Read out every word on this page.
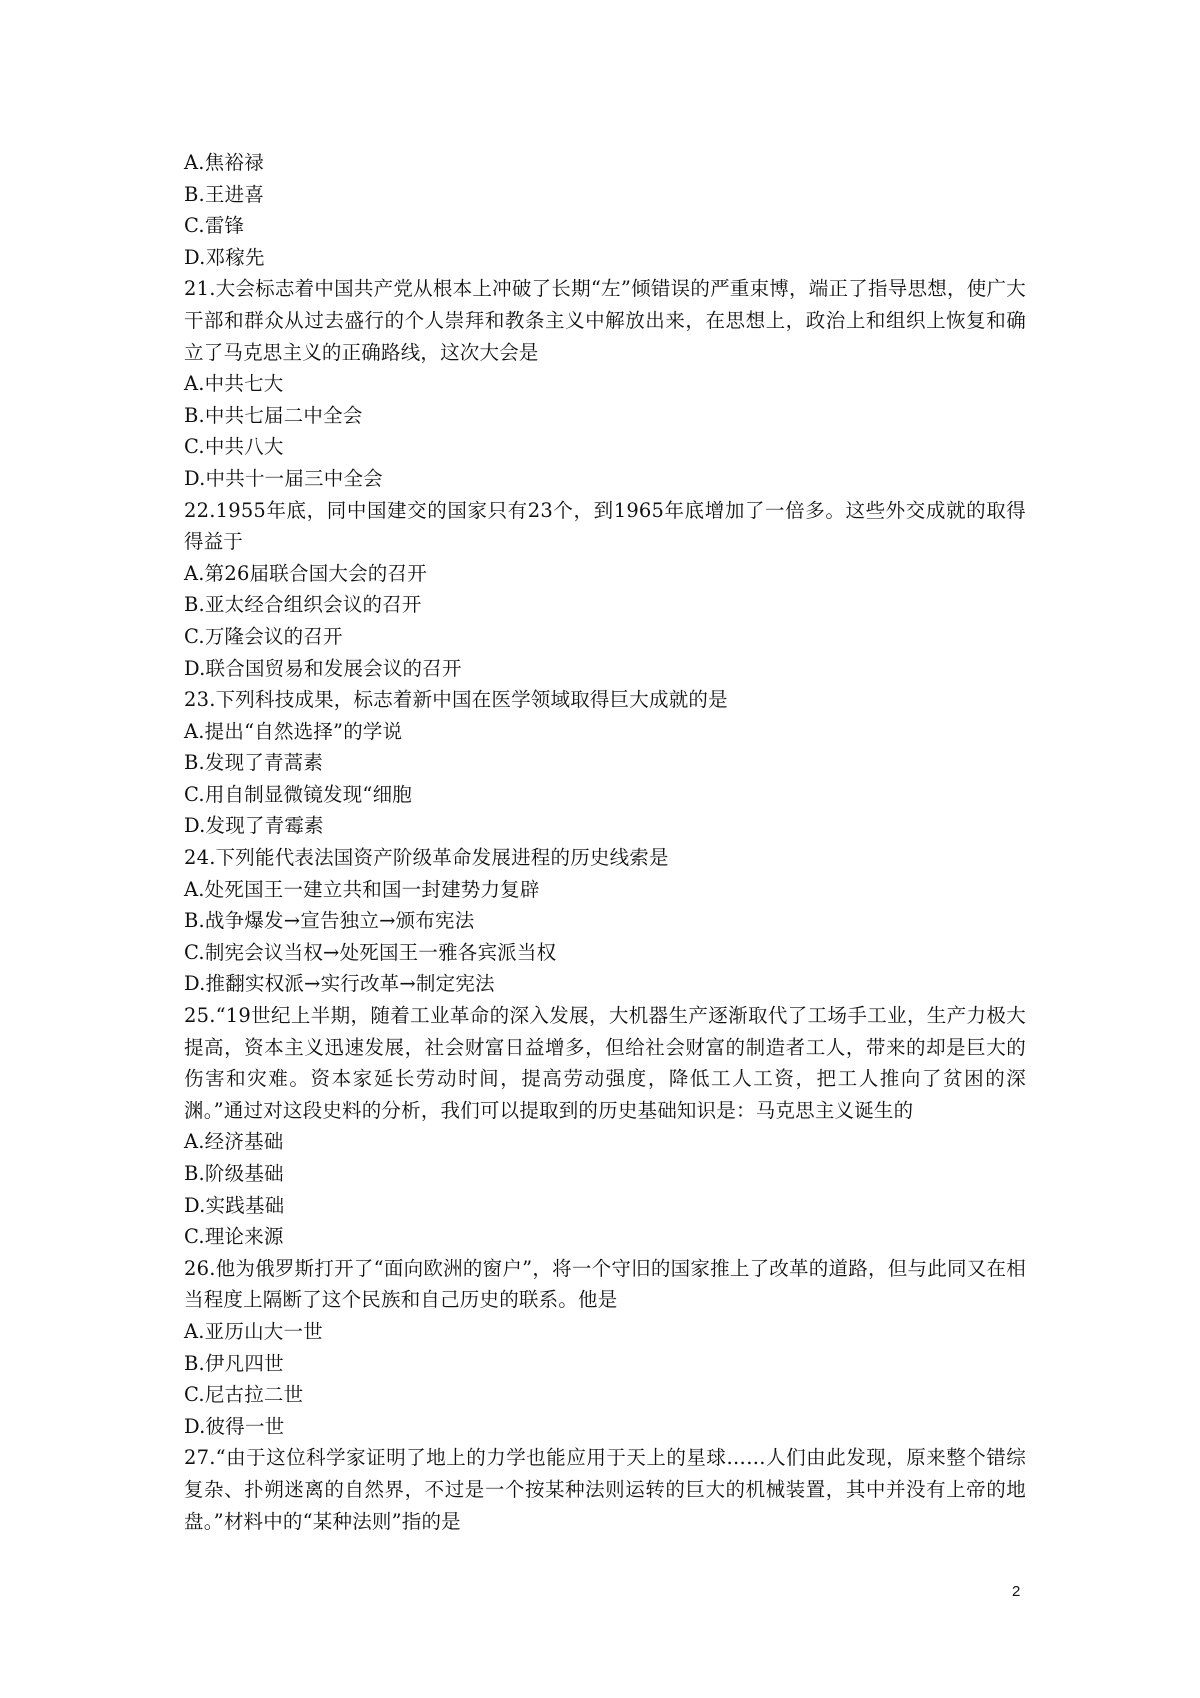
A.焦裕禄
B.王进喜
C.雷锋
D.邓稼先
21.大会标志着中国共产党从根本上冲破了长期“左”倾错误的严重束博，端正了指导思想，使广大干部和群众从过去盛行的个人崇拜和教条主义中解放出来，在思想上，政治上和组织上恢复和确立了马克思主义的正确路线，这次大会是
A.中共七大
B.中共七届二中全会
C.中共八大
D.中共十一届三中全会
22.1955年底，同中国建交的国家只有23个，到1965年底增加了一倍多。这些外交成就的取得得益于
A.第26届联合国大会的召开
B.亚太经合组织会议的召开
C.万隆会议的召开
D.联合国贸易和发展会议的召开
23.下列科技成果，标志着新中国在医学领域取得巨大成就的是
A.提出“自然选择”的学说
B.发现了青蒿素
C.用自制显微镜发现“细胞
D.发现了青霉素
24.下列能代表法国资产阶级革命发展进程的历史线索是
A.处死国王一建立共和国一封建势力复辟
B.战争爆发→宣告独立→颁布宪法
C.制宪会议当权→处死国王一雅各宾派当权
D.推翻实权派→实行改革→制定宪法
25.“19世纪上半期，随着工业革命的深入发展，大机器生产逐渐取代了工场手工业，生产力极大提高，资本主义迅速发展，社会财富日益增多，但给社会财富的制造者工人，带来的却是巨大的伤害和灾难。资本家延长劳动时间，提高劳动强度，降低工人工资，把工人推向了贫困的深渊。”通过对这段史料的分析，我们可以提取到的历史基础知识是：马克思主义诞生的
A.经济基础
B.阶级基础
D.实践基础
C.理论来源
26.他为俄罗斯打开了“面向欧洲的窗户”，将一个守旧的国家推上了改革的道路，但与此同又在相当程度上隔断了这个民族和自己历史的联系。他是
A.亚历山大一世
B.伊凡四世
C.尼古拉二世
D.彼得一世
27.“由于这位科学家证明了地上的力学也能应用于天上的星球……人们由此发现，原来整个错综复杂、扑朔迷离的自然界，不过是一个按某种法则运转的巨大的机械装置，其中并没有上帝的地盘。”材料中的“某种法则”指的是
2
